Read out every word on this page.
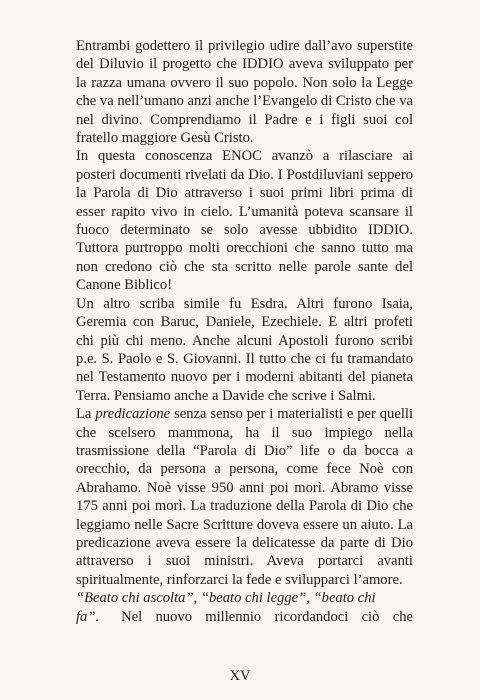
Entrambi godettero il privilegio udire dall’avo superstite del Diluvio il progetto che IDDIO aveva sviluppato per la razza umana ovvero il suo popolo. Non solo la Legge che va nell’umano anzi anche l’Evangelo di Cristo che va nel divino. Comprendiamo il Padre e i figli suoi col fratello maggiore Gesù Cristo.

In questa conoscenza ENOC avanzò a rilasciare ai posteri documenti rivelati da Dio. I Postdiluviani seppero la Parola di Dio attraverso i suoi primi libri prima di esser rapito vivo in cielo. L’umanità poteva scansare il fuoco determinato se solo avesse ubbidito IDDIO. Tuttora purtroppo molti orecchioni che sanno tutto ma non credono ciò che sta scritto nelle parole sante del Canone Biblico!

Un altro scriba simile fu Esdra. Altri furono Isaia, Geremia con Baruc, Daniele, Ezechiele. E altri profeti chi più chi meno. Anche alcuni Apostoli furono scribi p.e. S. Paolo e S. Giovanni. Il tutto che ci fu tramandato nel Testamento nuovo per i moderni abitanti del pianeta Terra. Pensiamo anche a Davide che scrive i Salmi.

La predicazione senza senso per i materialisti e per quelli che scelsero mammona, ha il suo impiego nella trasmissione della “Parola di Dio” life o da bocca a orecchio, da persona a persona, come fece Noè con Abrahamo. Noè visse 950 anni poi morì. Abramo visse 175 anni poi morì. La traduzione della Parola di Dio che leggiamo nelle Sacre Scritture doveva essere un aiuto. La predicazione aveva essere la delicatesse da parte di Dio attraverso i suoi ministri. Aveva portarci avanti spiritualmente, rinforzarci la fede e svilupparci l’amore.

“Beato chi ascolta”, “beato chi legge”, “beato chi

fa”. Nel nuovo millennio ricordandoci ciò che
XV
